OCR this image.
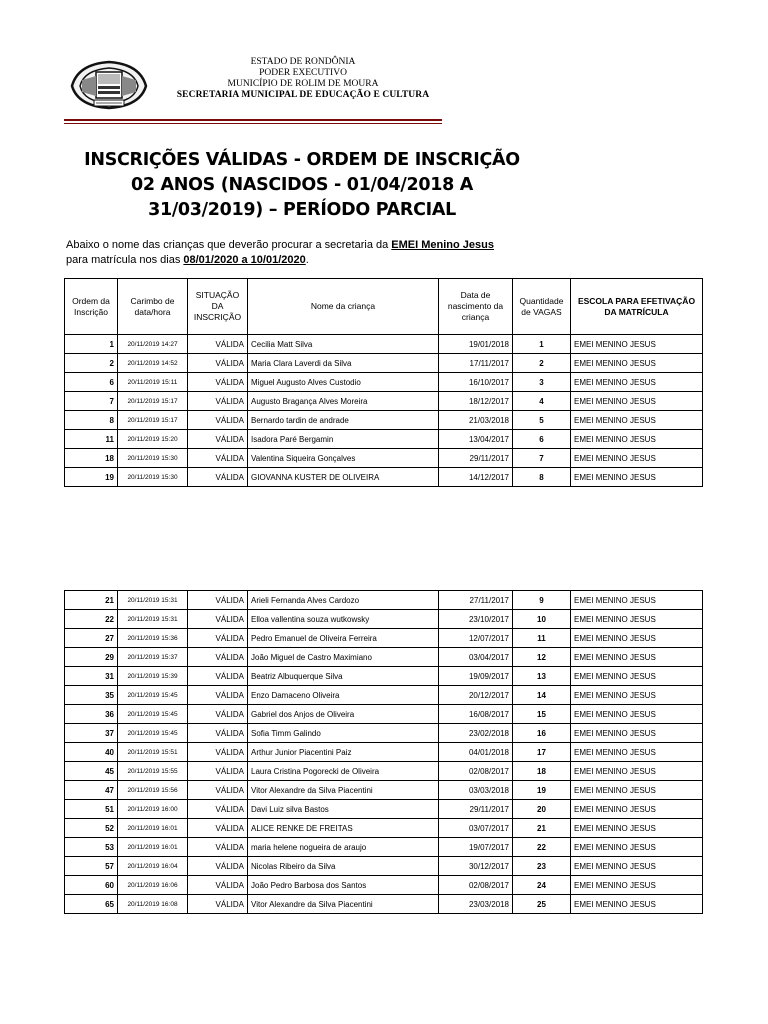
ESTADO DE RONDÔNIA
PODER EXECUTIVO
MUNICÍPIO DE ROLIM DE MOURA
SECRETARIA MUNICIPAL DE EDUCAÇÃO E CULTURA
INSCRIÇÕES VÁLIDAS - ORDEM DE INSCRIÇÃO
02 ANOS (NASCIDOS - 01/04/2018 A
31/03/2019) – PERÍODO PARCIAL
Abaixo o nome das crianças que deverão procurar a secretaria da EMEI Menino Jesus
para matrícula nos dias 08/01/2020 a 10/01/2020.
Ordem da Inscrição	Carimbo de data/hora	SITUAÇÃO DA INSCRIÇÃO	Nome da criança	Data de nascimento da criança	Quantidade de VAGAS	ESCOLA PARA EFETIVAÇÃO DA MATRÍCULA
1	20/11/2019 14:27	VÁLIDA	Cecilia Matt Silva	19/01/2018	1	EMEI MENINO JESUS
2	20/11/2019 14:52	VÁLIDA	Maria Clara Laverdi da Silva	17/11/2017	2	EMEI MENINO JESUS
6	20/11/2019 15:11	VÁLIDA	Miguel Augusto Alves Custodio	16/10/2017	3	EMEI MENINO JESUS
7	20/11/2019 15:17	VÁLIDA	Augusto Bragança Alves Moreira	18/12/2017	4	EMEI MENINO JESUS
8	20/11/2019 15:17	VÁLIDA	Bernardo tardin de andrade	21/03/2018	5	EMEI MENINO JESUS
11	20/11/2019 15:20	VÁLIDA	Isadora Paré Bergamin	13/04/2017	6	EMEI MENINO JESUS
18	20/11/2019 15:30	VÁLIDA	Valentina Siqueira Gonçalves	29/11/2017	7	EMEI MENINO JESUS
19	20/11/2019 15:30	VÁLIDA	GIOVANNA KUSTER DE OLIVEIRA	14/12/2017	8	EMEI MENINO JESUS
21	20/11/2019 15:31	VÁLIDA	Arieli Fernanda Alves Cardozo	27/11/2017	9	EMEI MENINO JESUS
22	20/11/2019 15:31	VÁLIDA	Elloa vallentina souza wutkowsky	23/10/2017	10	EMEI MENINO JESUS
27	20/11/2019 15:36	VÁLIDA	Pedro Emanuel de Oliveira Ferreira	12/07/2017	11	EMEI MENINO JESUS
29	20/11/2019 15:37	VÁLIDA	João Miguel de Castro Maximiano	03/04/2017	12	EMEI MENINO JESUS
31	20/11/2019 15:39	VÁLIDA	Beatriz Albuquerque Silva	19/09/2017	13	EMEI MENINO JESUS
35	20/11/2019 15:45	VÁLIDA	Enzo Damaceno Oliveira	20/12/2017	14	EMEI MENINO JESUS
36	20/11/2019 15:45	VÁLIDA	Gabriel dos Anjos de Oliveira	16/08/2017	15	EMEI MENINO JESUS
37	20/11/2019 15:45	VÁLIDA	Sofia Timm Galindo	23/02/2018	16	EMEI MENINO JESUS
40	20/11/2019 15:51	VÁLIDA	Arthur Junior Piacentini Paiz	04/01/2018	17	EMEI MENINO JESUS
45	20/11/2019 15:55	VÁLIDA	Laura Cristina Pogorecki de Oliveira	02/08/2017	18	EMEI MENINO JESUS
47	20/11/2019 15:56	VÁLIDA	Vitor Alexandre da Silva Piacentini	03/03/2018	19	EMEI MENINO JESUS
51	20/11/2019 16:00	VÁLIDA	Davi Luiz silva Bastos	29/11/2017	20	EMEI MENINO JESUS
52	20/11/2019 16:01	VÁLIDA	ALICE RENKE DE FREITAS	03/07/2017	21	EMEI MENINO JESUS
53	20/11/2019 16:01	VÁLIDA	maria helene nogueira de araujo	19/07/2017	22	EMEI MENINO JESUS
57	20/11/2019 16:04	VÁLIDA	Nicolas Ribeiro da Silva	30/12/2017	23	EMEI MENINO JESUS
60	20/11/2019 16:06	VÁLIDA	João Pedro Barbosa dos Santos	02/08/2017	24	EMEI MENINO JESUS
65	20/11/2019 16:08	VÁLIDA	Vitor Alexandre da Silva Piacentini	23/03/2018	25	EMEI MENINO JESUS
